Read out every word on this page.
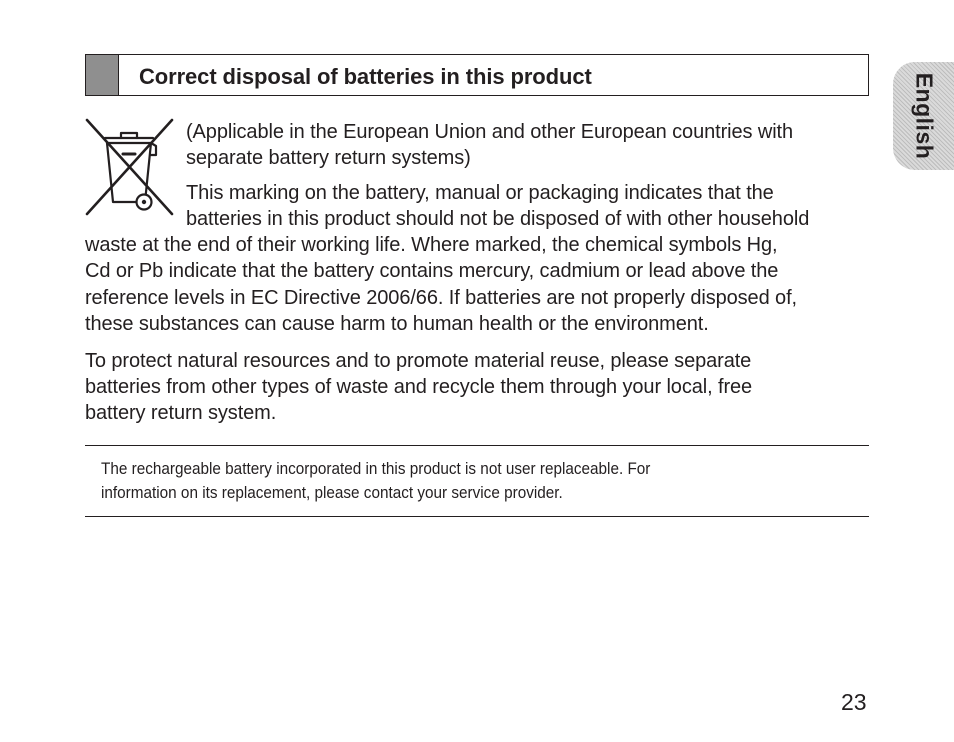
Correct disposal of batteries in this product	English
(Applicable in the European Union and other European countries with
separate battery return systems)
This marking on the battery, manual or packaging indicates that the
batteries in this product should not be disposed of with other household
waste at the end of their working life. Where marked, the chemical symbols Hg,
Cd or Pb indicate that the battery contains mercury, cadmium or lead above the
reference levels in EC Directive 2006/66. If batteries are not properly disposed of,
these substances can cause harm to human health or the environment.
To protect natural resources and to promote material reuse, please separate
batteries from other types of waste and recycle them through your local, free
battery return system.
The rechargeable battery incorporated in this product is not user replaceable. For
information on its replacement, please contact your service provider.
23
